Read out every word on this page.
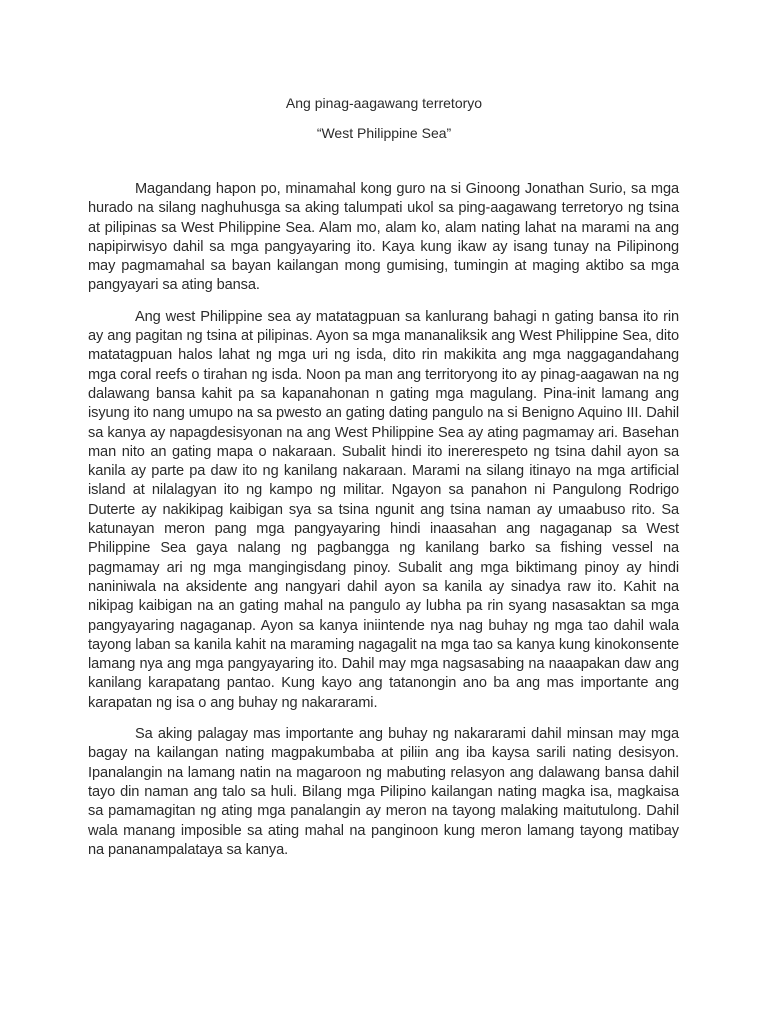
Ang pinag-aagawang terretoryo
“West Philippine Sea”

Magandang hapon po, minamahal kong guro na si Ginoong Jonathan Surio, sa mga hurado na silang naghuhusga sa aking talumpati ukol sa ping-aagawang terretoryo ng tsina at pilipinas sa West Philippine Sea. Alam mo, alam ko, alam nating lahat na marami na ang napipirwisyo dahil sa mga pangyayaring ito. Kaya kung ikaw ay isang tunay na Pilipinong may pagmamahal sa bayan kailangan mong gumising, tumingin at maging aktibo sa mga pangyayari sa ating bansa.

Ang west Philippine sea ay matatagpuan sa kanlurang bahagi n gating bansa ito rin ay ang pagitan ng tsina at pilipinas. Ayon sa mga mananaliksik ang West Philippine Sea, dito matatagpuan halos lahat ng mga uri ng isda, dito rin makikita ang mga naggagandahang mga coral reefs o tirahan ng isda. Noon pa man ang territoryong ito ay pinag-aagawan na ng dalawang bansa kahit pa sa kapanahonan n gating mga magulang. Pina-init lamang ang isyung ito nang umupo na sa pwesto an gating dating pangulo na si Benigno Aquino III. Dahil sa kanya ay napagdesisyonan na ang West Philippine Sea ay ating pagmamay ari. Basehan man nito an gating mapa o nakaraan. Subalit hindi ito inererespeto ng tsina dahil ayon sa kanila ay parte pa daw ito ng kanilang nakaraan. Marami na silang itinayo na mga artificial island at nilalagyan ito ng kampo ng militar. Ngayon sa panahon ni Pangulong Rodrigo Duterte ay nakikipag kaibigan sya sa tsina ngunit ang tsina naman ay umaabuso rito. Sa katunayan meron pang mga pangyayaring hindi inaasahan ang nagaganap sa West Philippine Sea gaya nalang ng pagbangga ng kanilang barko sa fishing vessel na pagmamay ari ng mga mangingisdang pinoy. Subalit ang mga biktimang pinoy ay hindi naniniwala na aksidente ang nangyari dahil ayon sa kanila ay sinadya raw ito. Kahit na nikipag kaibigan na an gating mahal na pangulo ay lubha pa rin syang nasasaktan sa mga pangyayaring nagaganap. Ayon sa kanya iniintende nya nag buhay ng mga tao dahil wala tayong laban sa kanila kahit na maraming nagagalit na mga tao sa kanya kung kinokonsente lamang nya ang mga pangyayaring ito. Dahil may mga nagsasabing na naaapakan daw ang kanilang karapatang pantao. Kung kayo ang tatanongin ano ba ang mas importante ang karapatan ng isa o ang buhay ng nakararami.

Sa aking palagay mas importante ang buhay ng nakararami dahil minsan may mga bagay na kailangan nating magpakumbaba at piliin ang iba kaysa sarili nating desisyon. Ipanalangin na lamang natin na magaroon ng mabuting relasyon ang dalawang bansa dahil tayo din naman ang talo sa huli. Bilang mga Pilipino kailangan nating magka isa, magkaisa sa pamamagitan ng ating mga panalangin ay meron na tayong malaking maitutulong. Dahil wala manang imposible sa ating mahal na panginoon kung meron lamang tayong matibay na pananampalataya sa kanya.
